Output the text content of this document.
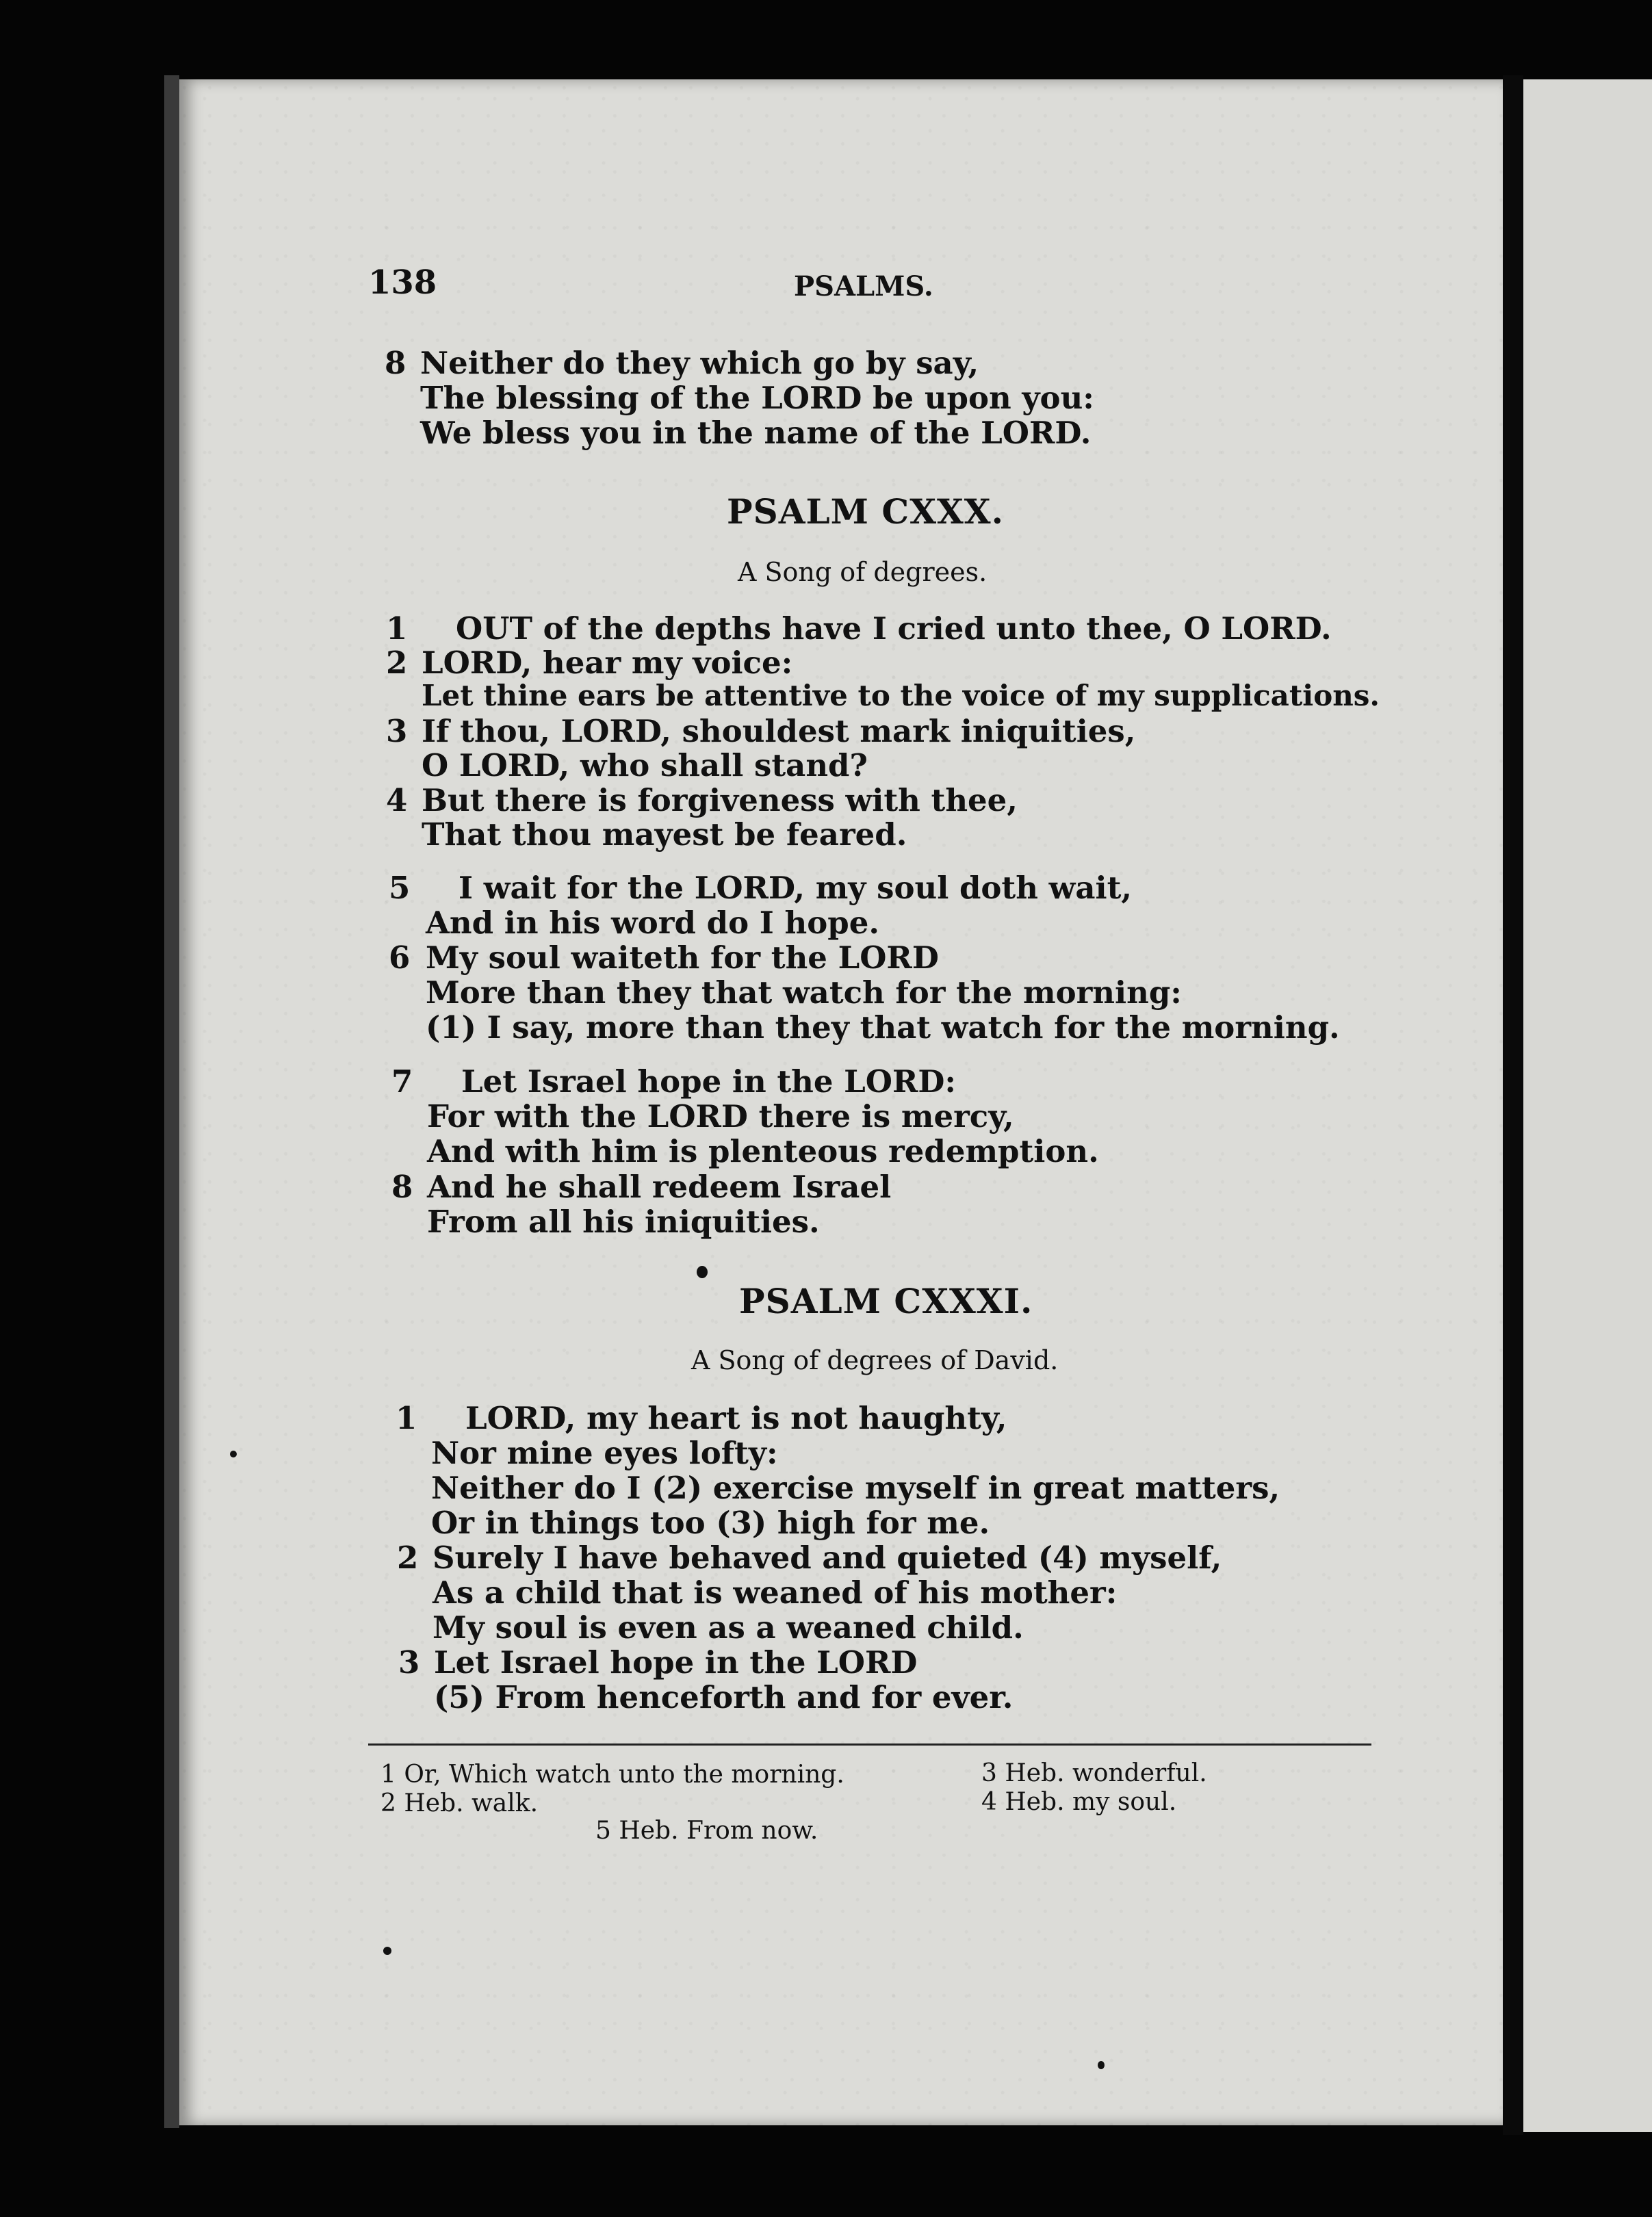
138	PSALMS.
8 Neither do they which go by say,
The blessing of the LORD be upon you:
We bless you in the name of the LORD.
PSALM CXXX.
A Song of degrees.
1 OUT of the depths have I cried unto thee, O LORD.
2 LORD, hear my voice:
Let thine ears be attentive to the voice of my supplications.
3 If thou, LORD, shouldest mark iniquities,
O LORD, who shall stand?
4 But there is forgiveness with thee,
That thou mayest be feared.
5 I wait for the LORD, my soul doth wait,
And in his word do I hope.
6 My soul waiteth for the LORD
More than they that watch for the morning:
(1) I say, more than they that watch for the morning.
7 Let Israel hope in the LORD:
For with the LORD there is mercy,
And with him is plenteous redemption.
8 And he shall redeem Israel
From all his iniquities.
PSALM CXXXI.
A Song of degrees of David.
1 LORD, my heart is not haughty,
Nor mine eyes lofty:
Neither do I (2) exercise myself in great matters,
Or in things too (3) high for me.
2 Surely I have behaved and quieted (4) myself,
As a child that is weaned of his mother:
My soul is even as a weaned child.
3 Let Israel hope in the LORD
(5) From henceforth and for ever.
1 Or, Which watch unto the morning.
2 Heb. walk.
3 Heb. wonderful.
4 Heb. my soul.
5 Heb. From now.
